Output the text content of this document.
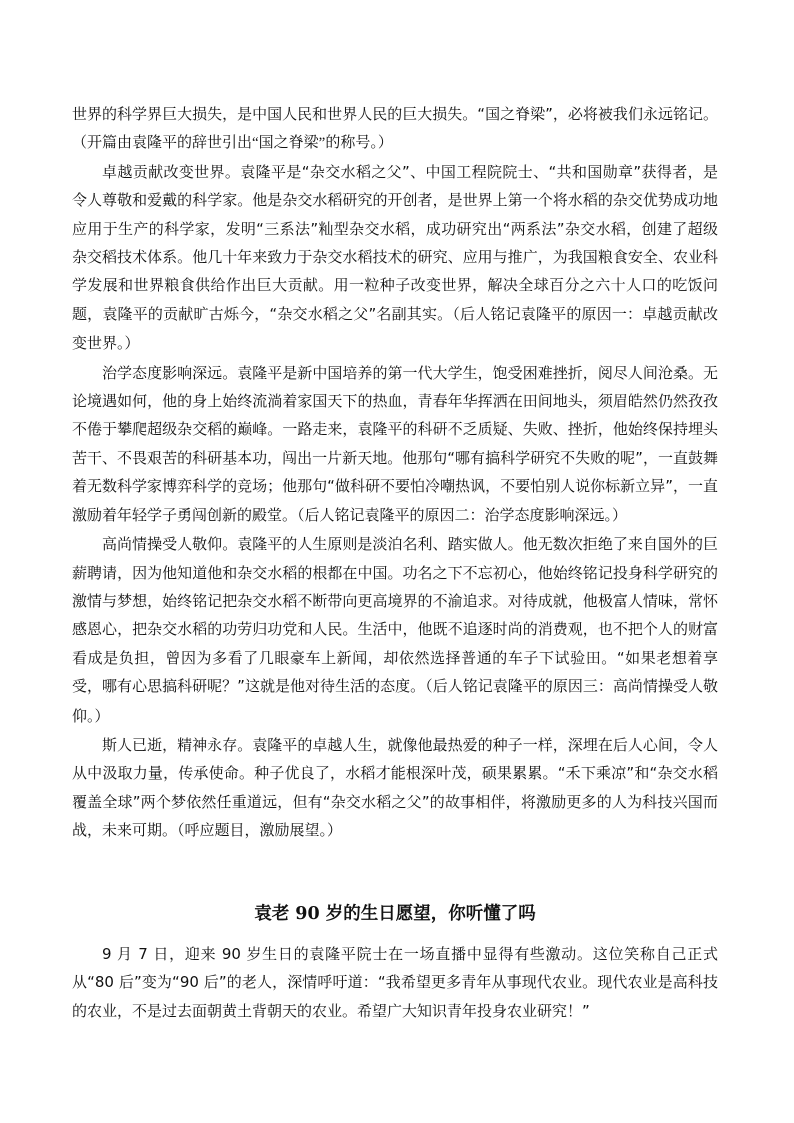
世界的科学界巨大损失，是中国人民和世界人民的巨大损失。“国之脊梁”，必将被我们永远铭记。（开篇由袁隆平的辞世引出“国之脊梁”的称号。）

卓越贡献改变世界。袁隆平是“杂交水稻之父”、中国工程院院士、“共和国勋章”获得者，是令人尊敬和爱戴的科学家。他是杂交水稻研究的开创者，是世界上第一个将水稻的杂交优势成功地应用于生产的科学家，发明“三系法”籼型杂交水稻，成功研究出“两系法”杂交水稻，创建了超级杂交稻技术体系。他几十年来致力于杂交水稻技术的研究、应用与推广，为我国粮食安全、农业科学发展和世界粮食供给作出巨大贡献。用一粒种子改变世界，解决全球百分之六十人口的吃饭问题，袁隆平的贡献旷古烁今，“杂交水稻之父”名副其实。（后人铭记袁隆平的原因一：卓越贡献改变世界。）

治学态度影响深远。袁隆平是新中国培养的第一代大学生，饱受困难挫折，阅尽人间沧桑。无论境遇如何，他的身上始终流淌着家国天下的热血，青春年华挥洒在田间地头，须眉皓然仍然孜孜不倦于攀爬超级杂交稻的巅峰。一路走来，袁隆平的科研不乏质疑、失败、挫折，他始终保持埋头苦干、不畏艰苦的科研基本功，闯出一片新天地。他那句“哪有搞科学研究不失败的呢”，一直鼓舞着无数科学家博弈科学的竞场；他那句“做科研不要怕冷嘲热讽，不要怕别人说你标新立异”，一直激励着年轻学子勇闯创新的殿堂。（后人铭记袁隆平的原因二：治学态度影响深远。）

高尚情操受人敬仰。袁隆平的人生原则是淡泊名利、踏实做人。他无数次拒绝了来自国外的巨薪聘请，因为他知道他和杂交水稻的根都在中国。功名之下不忘初心，他始终铭记投身科学研究的激情与梦想，始终铭记把杂交水稻不断带向更高境界的不渝追求。对待成就，他极富人情味，常怀感恩心，把杂交水稻的功劳归功党和人民。生活中，他既不追逐时尚的消费观，也不把个人的财富看成是负担，曾因为多看了几眼豪车上新闻，却依然选择普通的车子下试验田。“如果老想着享受，哪有心思搞科研呢？”这就是他对待生活的态度。（后人铭记袁隆平的原因三：高尚情操受人敬仰。）

斯人已逝，精神永存。袁隆平的卓越人生，就像他最热爱的种子一样，深埋在后人心间，令人从中汲取力量，传承使命。种子优良了，水稻才能根深叶茂，硕果累累。“禾下乘凉”和“杂交水稻覆盖全球”两个梦依然任重道远，但有“杂交水稻之父”的故事相伴，将激励更多的人为科技兴国而战，未来可期。（呼应题目，激励展望。）

袁老 90 岁的生日愿望，你听懂了吗

9 月 7 日，迎来 90 岁生日的袁隆平院士在一场直播中显得有些激动。这位笑称自己正式从“80 后”变为“90 后”的老人，深情呼吁道：“我希望更多青年从事现代农业。现代农业是高科技的农业，不是过去面朝黄土背朝天的农业。希望广大知识青年投身农业研究！”
